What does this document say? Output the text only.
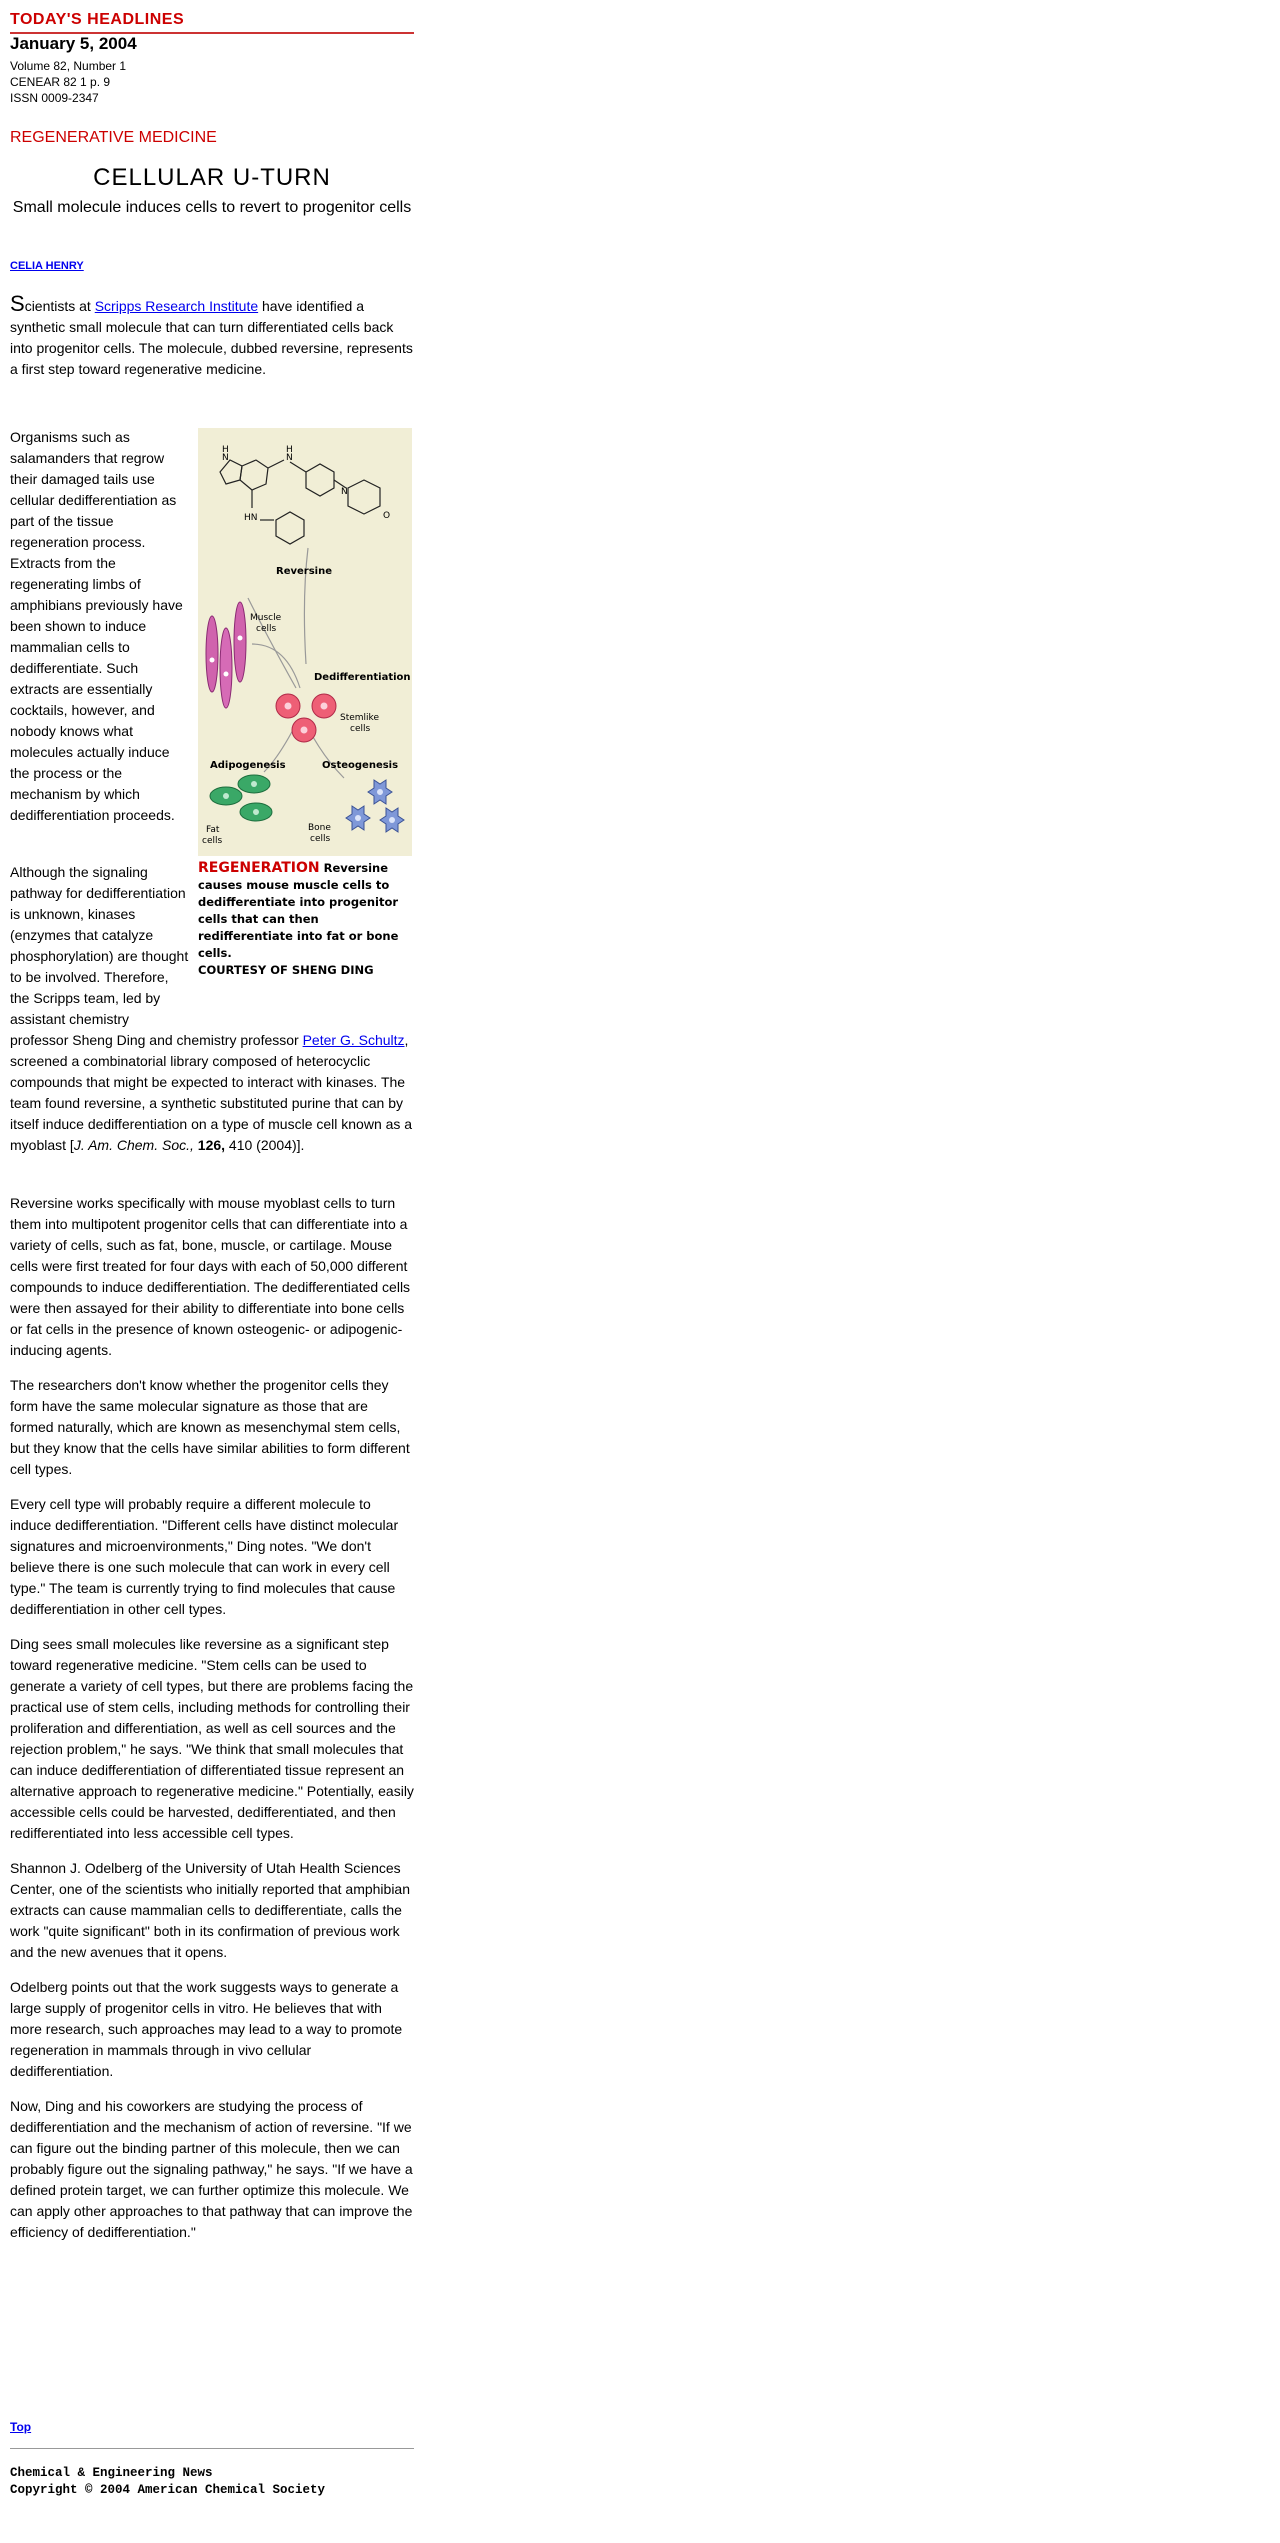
TODAY'S HEADLINES
January 5, 2004
Volume 82, Number 1
CENEAR 82 1 p. 9
ISSN 0009-2347
REGENERATIVE MEDICINE
CELLULAR U-TURN
Small molecule induces cells to revert to progenitor cells
CELIA HENRY
Scientists at Scripps Research Institute have identified a synthetic small molecule that can turn differentiated cells back into progenitor cells. The molecule, dubbed reversine, represents a first step toward regenerative medicine.
Organisms such as salamanders that regrow their damaged tails use cellular dedifferentiation as part of the tissue regeneration process. Extracts from the regenerating limbs of amphibians previously have been shown to induce mammalian cells to dedifferentiate. Such extracts are essentially cocktails, however, and nobody knows what molecules actually induce the process or the mechanism by which dedifferentiation proceeds.
Although the signaling pathway for dedifferentiation is unknown, kinases (enzymes that catalyze phosphorylation) are thought to be involved. Therefore, the Scripps team, led by assistant chemistry professor Sheng Ding and chemistry professor Peter G. Schultz, screened a combinatorial library composed of heterocyclic compounds that might be expected to interact with kinases. The team found reversine, a synthetic substituted purine that can by itself induce dedifferentiation on a type of muscle cell known as a myoblast [J. Am. Chem. Soc., 126, 410 (2004)].
H
N
H
N
HN
N
O
Reversine
Muscle
cells
Dedifferentiation
Stemlike
cells
Adipogenesis	Osteogenesis
Fat
cells
Bone
cells
REGENERATION Reversine causes mouse muscle cells to dedifferentiate into progenitor cells that can then redifferentiate into fat or bone cells.
COURTESY OF SHENG DING

Reversine works specifically with mouse myoblast cells to turn them into multipotent progenitor cells that can differentiate into a variety of cells, such as fat, bone, muscle, or cartilage. Mouse cells were first treated for four days with each of 50,000 different compounds to induce dedifferentiation. The dedifferentiated cells were then assayed for their ability to differentiate into bone cells or fat cells in the presence of known osteogenic- or adipogenic-inducing agents.

The researchers don't know whether the progenitor cells they form have the same molecular signature as those that are formed naturally, which are known as mesenchymal stem cells, but they know that the cells have similar abilities to form different cell types.

Every cell type will probably require a different molecule to induce dedifferentiation. "Different cells have distinct molecular signatures and microenvironments," Ding notes. "We don't believe there is one such molecule that can work in every cell type." The team is currently trying to find molecules that cause dedifferentiation in other cell types.

Ding sees small molecules like reversine as a significant step toward regenerative medicine. "Stem cells can be used to generate a variety of cell types, but there are problems facing the practical use of stem cells, including methods for controlling their proliferation and differentiation, as well as cell sources and the rejection problem," he says. "We think that small molecules that can induce dedifferentiation of differentiated tissue represent an alternative approach to regenerative medicine." Potentially, easily accessible cells could be harvested, dedifferentiated, and then redifferentiated into less accessible cell types.

Shannon J. Odelberg of the University of Utah Health Sciences Center, one of the scientists who initially reported that amphibian extracts can cause mammalian cells to dedifferentiate, calls the work "quite significant" both in its confirmation of previous work and the new avenues that it opens.

Odelberg points out that the work suggests ways to generate a large supply of progenitor cells in vitro. He believes that with more research, such approaches may lead to a way to promote regeneration in mammals through in vivo cellular dedifferentiation.

Now, Ding and his coworkers are studying the process of dedifferentiation and the mechanism of action of reversine. "If we can figure out the binding partner of this molecule, then we can probably figure out the signaling pathway," he says. "If we have a defined protein target, we can further optimize this molecule. We can apply other approaches to that pathway that can improve the efficiency of dedifferentiation."

Top
Chemical & Engineering News
Copyright © 2004 American Chemical Society
